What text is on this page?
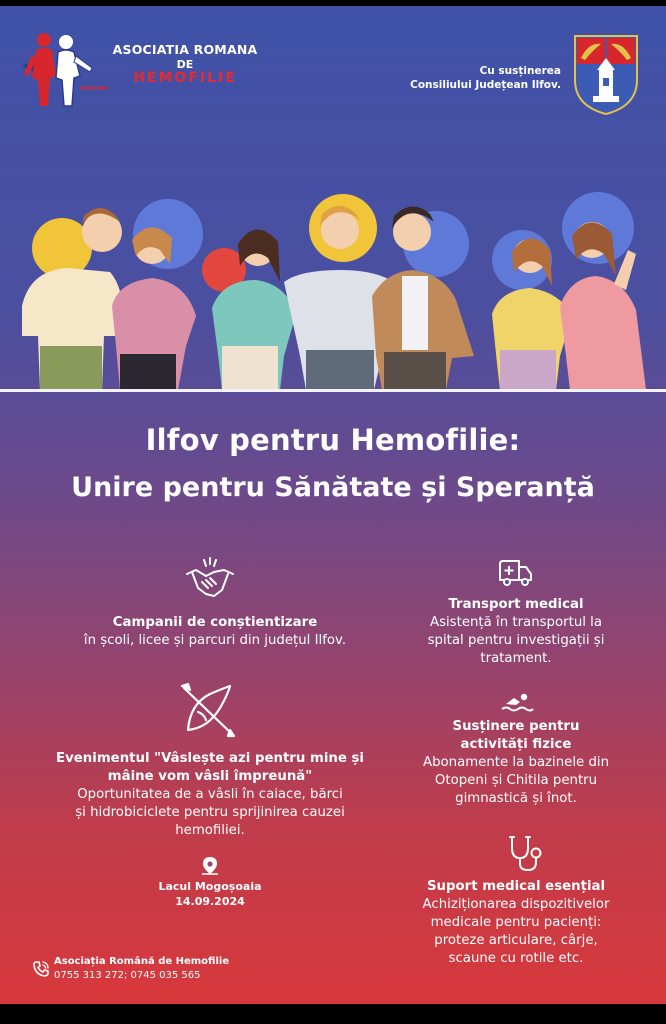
ASOCIATIA ROMANA
DE
HEMOFILIE	Cu susținerea
Consiliului Județean Ilfov.
Ilfov pentru Hemofilie:
Unire pentru Sănătate și Speranță
Campanii de conștientizare
în școli, licee și parcuri din județul Ilfov.
Transport medical
Asistență în transportul la
spital pentru investigații și
tratament.
Evenimentul "Vâslește azi pentru mine și
mâine vom vâsli împreună"
Oportunitatea de a vâsli în caiace, bărci
și hidrobiciclete pentru sprijinirea cauzei
hemofiliei.
Lacul Mogoșoaia
14.09.2024
Susținere pentru
activități fizice
Abonamente la bazinele din
Otopeni și Chitila pentru
gimnastică și înot.
Suport medical esențial
Achiziționarea dispozitivelor
medicale pentru pacienți:
proteze articulare, cârje,
scaune cu rotile etc.
Asociația Română de Hemofilie
0755 313 272; 0745 035 565
